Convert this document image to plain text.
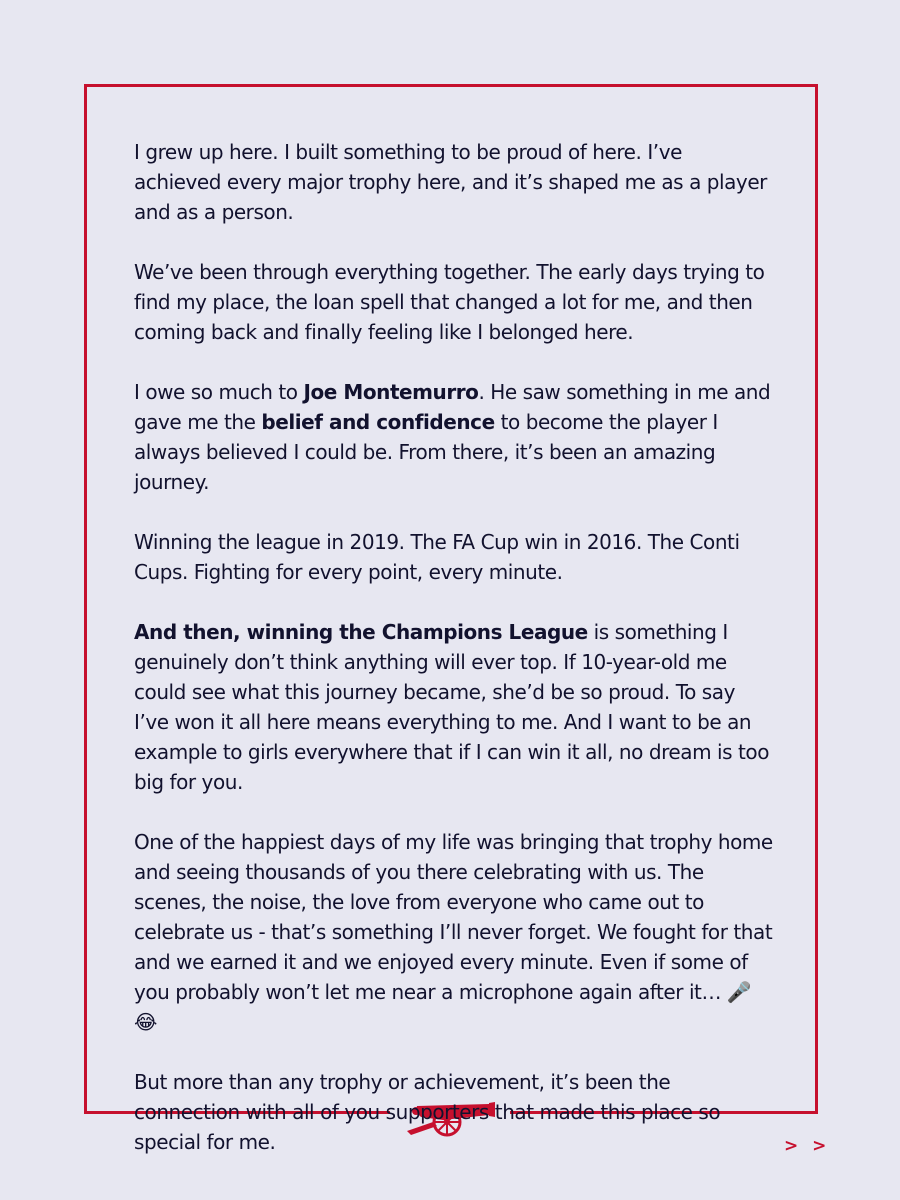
I grew up here. I built something to be proud of here. I’ve achieved every major trophy here, and it’s shaped me as a player and as a person.

We’ve been through everything together. The early days trying to find my place, the loan spell that changed a lot for me, and then coming back and finally feeling like I belonged here.

I owe so much to Joe Montemurro. He saw something in me and gave me the belief and confidence to become the player I always believed I could be. From there, it’s been an amazing journey.

Winning the league in 2019. The FA Cup win in 2016. The Conti Cups. Fighting for every point, every minute.

And then, winning the Champions League is something I genuinely don’t think anything will ever top. If 10-year-old me could see what this journey became, she’d be so proud. To say I’ve won it all here means everything to me. And I want to be an example to girls everywhere that if I can win it all, no dream is too big for you.

One of the happiest days of my life was bringing that trophy home and seeing thousands of you there celebrating with us. The scenes, the noise, the love from everyone who came out to celebrate us - that’s something I’ll never forget. We fought for that and we earned it and we enjoyed every minute. Even if some of you probably won’t let me near a microphone again after it… 🎤😂

But more than any trophy or achievement, it’s been the connection with all of you supporters that made this place so special for me.	> >
